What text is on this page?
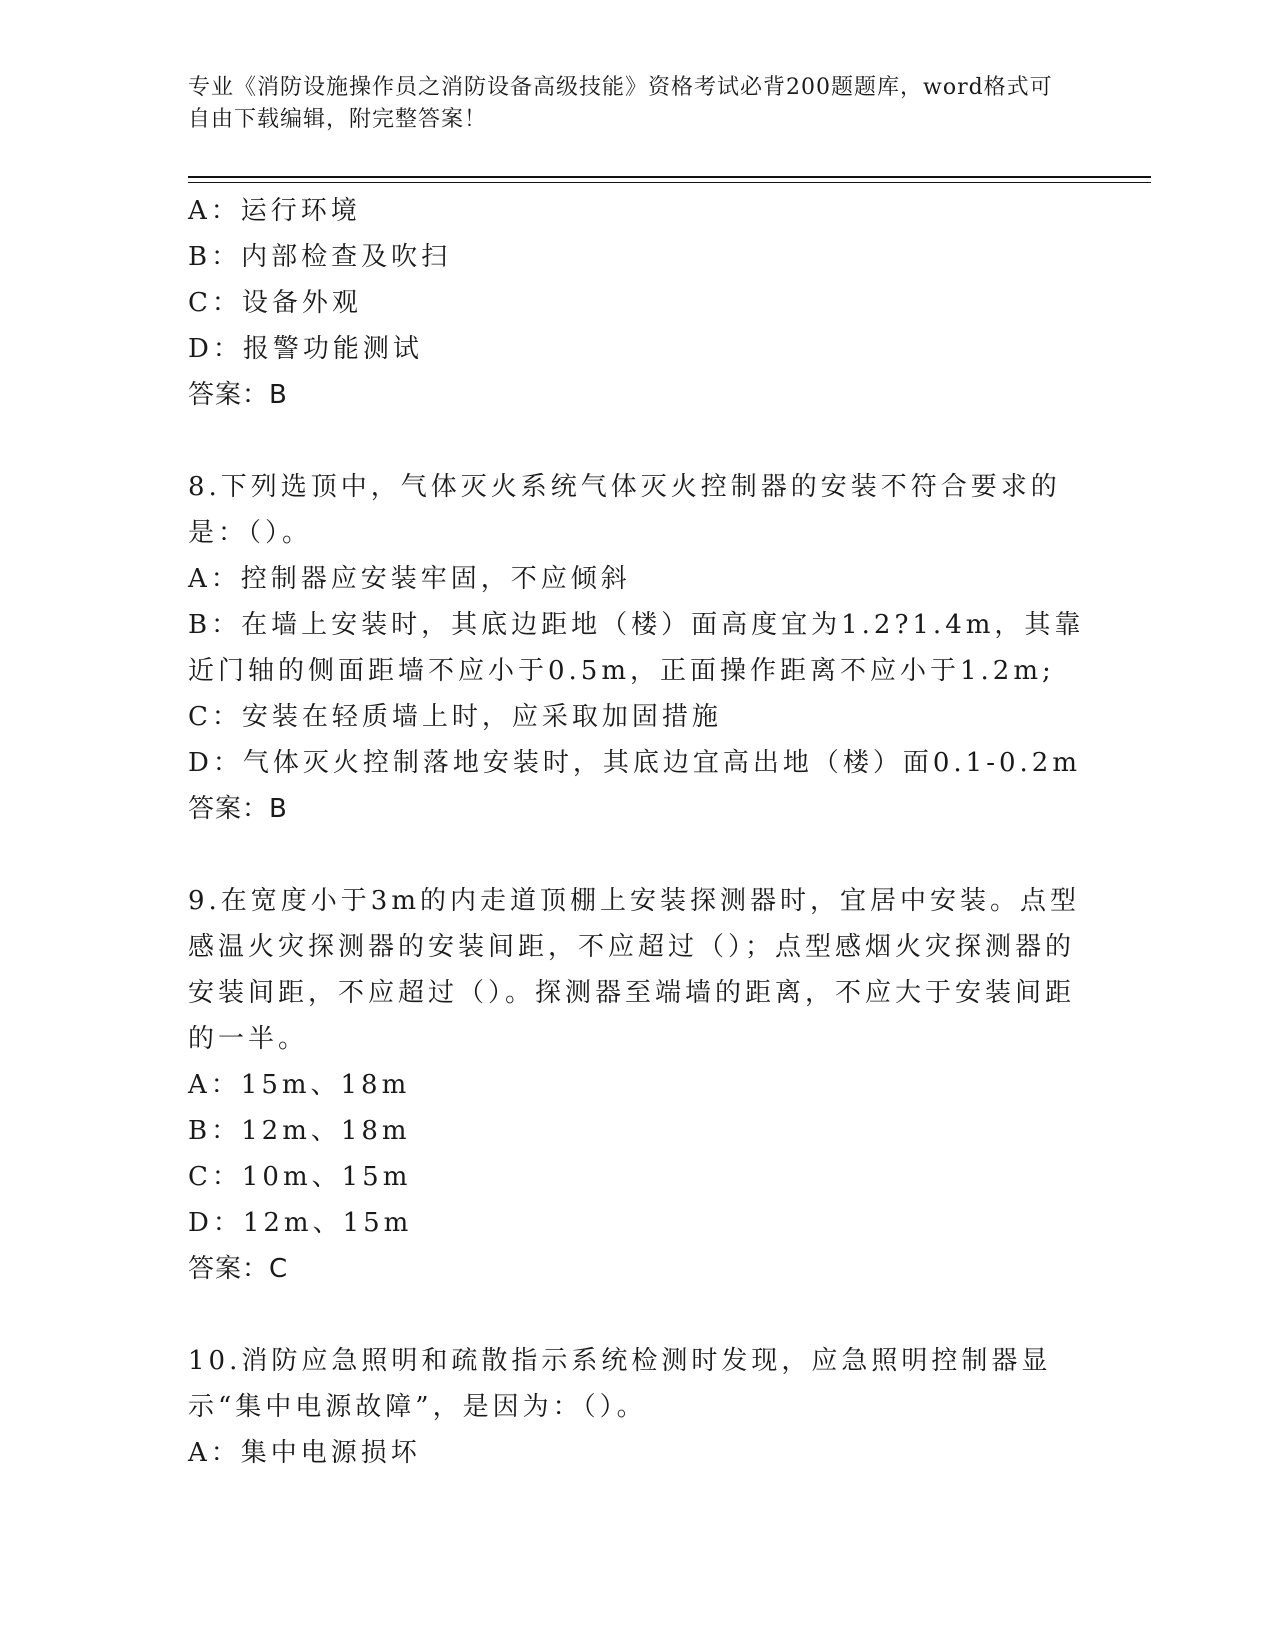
专业《消防设施操作员之消防设备高级技能》资格考试必背200题题库，word格式可自由下载编辑，附完整答案！

A：运行环境

B：内部检查及吹扫

C：设备外观

D：报警功能测试

答案：B

8.下列选顶中，气体灭火系统气体灭火控制器的安装不符合要求的是：（）。

A：控制器应安装牢固，不应倾斜

B：在墙上安装时，其底边距地（楼）面高度宜为1.2?1.4m，其靠近门轴的侧面距墙不应小于0.5m，正面操作距离不应小于1.2m;

C：安装在轻质墙上时，应采取加固措施

D：气体灭火控制落地安装时，其底边宜高出地（楼）面0.1-0.2m

答案：B

9.在宽度小于3m的内走道顶棚上安装探测器时，宜居中安装。点型感温火灾探测器的安装间距，不应超过（）；点型感烟火灾探测器的安装间距，不应超过（）。探测器至端墙的距离，不应大于安装间距的一半。

A：15m、18m

B：12m、18m

C：10m、15m

D：12m、15m

答案：C

10.消防应急照明和疏散指示系统检测时发现，应急照明控制器显示“集中电源故障”，是因为：（）。

A：集中电源损坏
